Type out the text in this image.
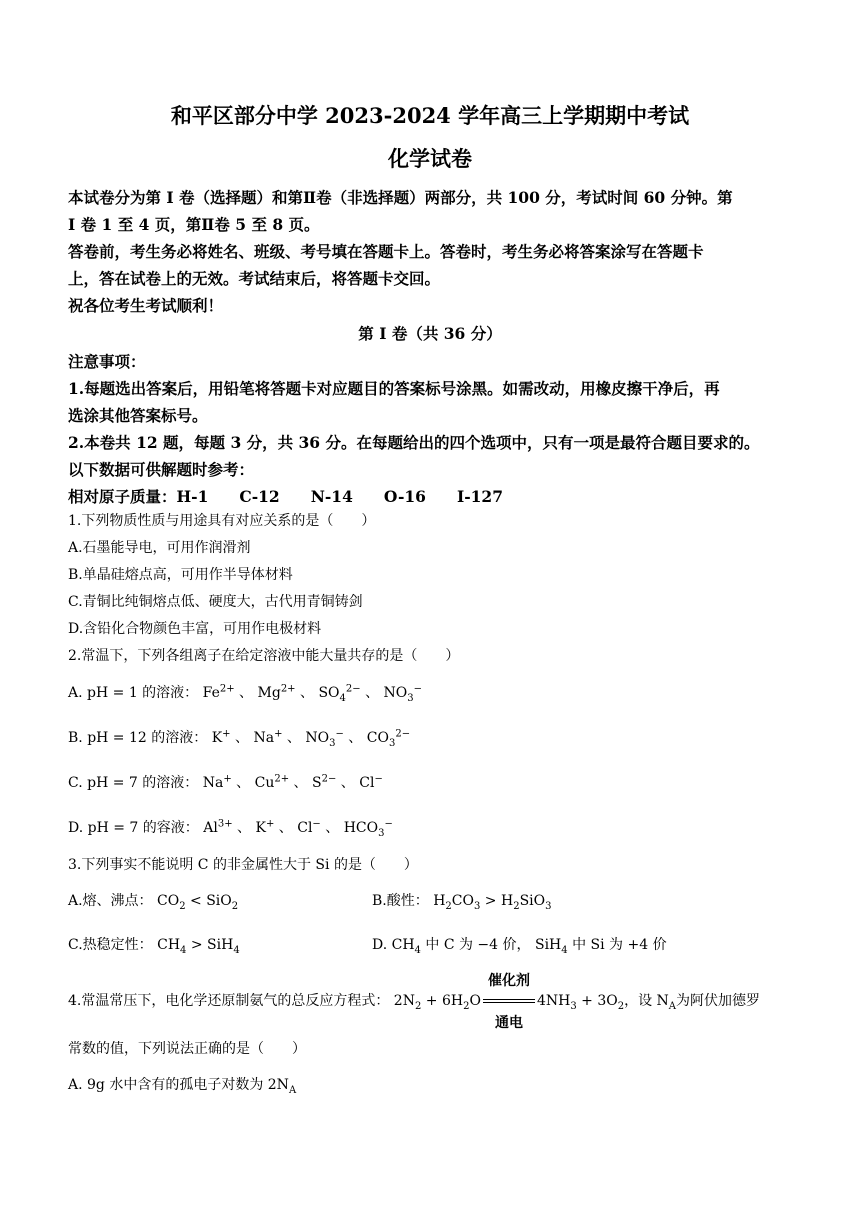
和平区部分中学 2023-2024 学年高三上学期期中考试
化学试卷
本试卷分为第 I 卷（选择题）和第Ⅱ卷（非选择题）两部分，共 100 分，考试时间 60 分钟。第
I 卷 1 至 4 页，第Ⅱ卷 5 至 8 页。
答卷前，考生务必将姓名、班级、考号填在答题卡上。答卷时，考生务必将答案涂写在答题卡
上，答在试卷上的无效。考试结束后，将答题卡交回。
祝各位考生考试顺利！
第 I 卷（共 36 分）
注意事项：
1.每题选出答案后，用铅笔将答题卡对应题目的答案标号涂黑。如需改动，用橡皮擦干净后，再
选涂其他答案标号。
2.本卷共 12 题，每题 3 分，共 36 分。在每题给出的四个选项中，只有一项是最符合题目要求的。
以下数据可供解题时参考：
相对原子质量：H-1　　C-12　　N-14　　O-16　　I-127
1.下列物质性质与用途具有对应关系的是（　　）
A.石墨能导电，可用作润滑剂
B.单晶硅熔点高，可用作半导体材料
C.青铜比纯铜熔点低、硬度大，古代用青铜铸剑
D.含铅化合物颜色丰富，可用作电极材料
2.常温下，下列各组离子在给定溶液中能大量共存的是（　　）
A. pH = 1 的溶液： $Fe^{2+}$ 、 $Mg^{2+}$ 、 $SO_4^{2-}$ 、 $NO_3^-$
B. pH = 12 的溶液： K+ 、 Na+ 、 $NO_3^-$ 、 $CO_3^{2-}$
C. pH = 7 的溶液： Na+ 、 $Cu^{2+}$ 、 $S^{2-}$ 、 Cl−
D. pH = 7 的容液： $Al^{3+}$ 、 K+ 、 Cl− 、 $HCO_3^-$
3.下列事实不能说明 C 的非金属性大于 Si 的是（　　）
A.熔、沸点： $CO_2 < SiO_2$	B.酸性： $H_2CO_3 > H_2SiO_3$
C.热稳定性： $CH_4 > SiH_4$	D. $CH_4$ 中 C 为 −4 价， SiH$_4$ 中 Si 为 +4 价
4.常温常压下，电化学还原制氨气的总反应方程式： $2N_2 + 6H_2O$
催化剂
通电
$4NH_3 + 3O_2$，设 $N_A$为阿伏加德罗
常数的值，下列说法正确的是（　　）
A. 9g 水中含有的孤电子对数为 $2N_A$
